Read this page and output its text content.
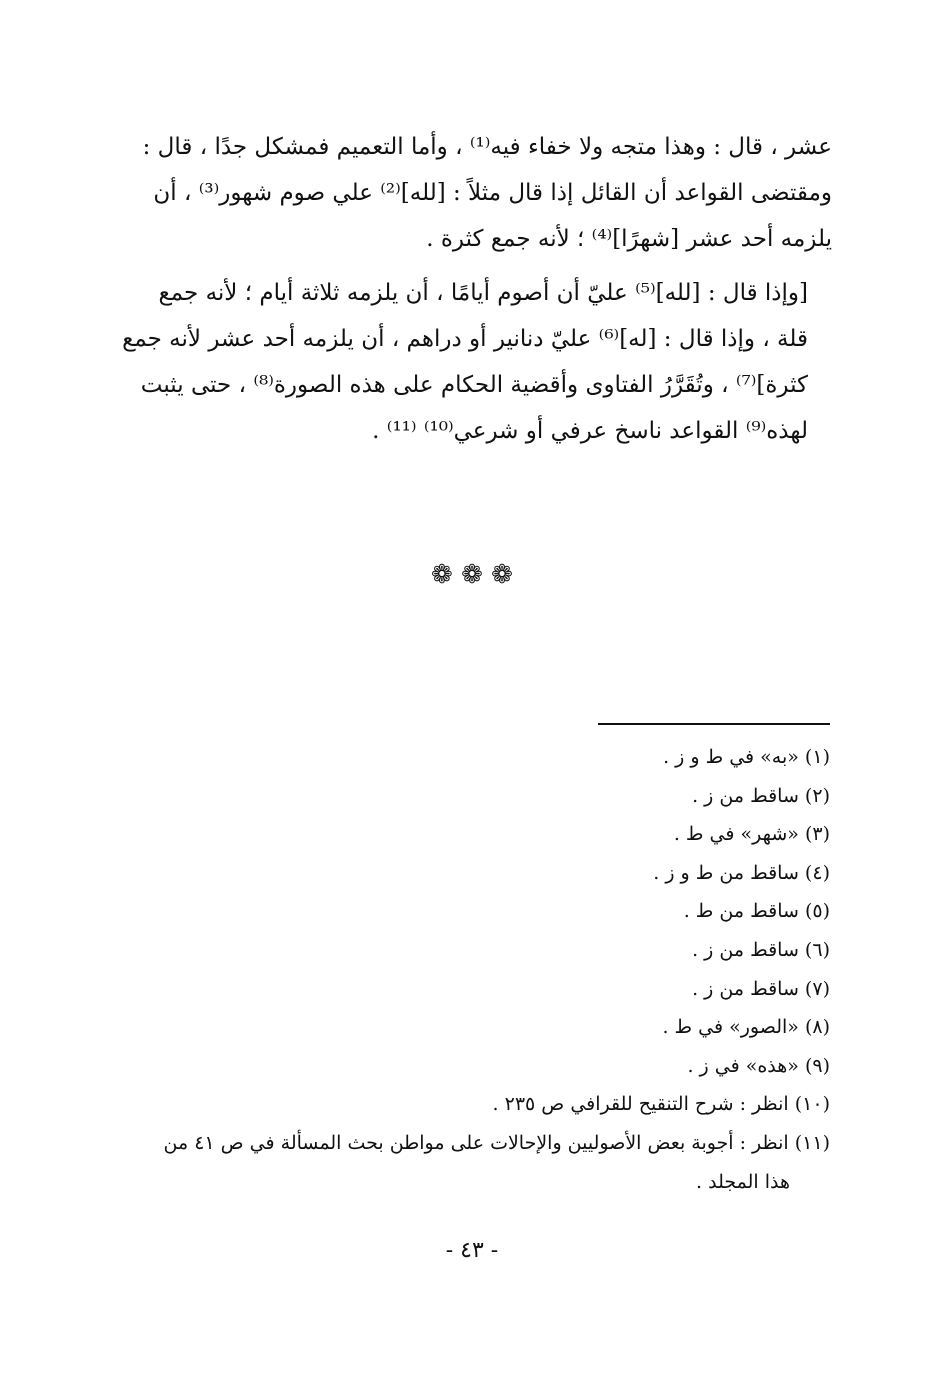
عشر ، قال : وهذا متجه ولا خفاء فيه⁽¹⁾ ، وأما التعميم فمشكل جدًا ، قال :
ومقتضى القواعد أن القائل إذا قال مثلاً : [لله]⁽²⁾ علي صوم شهور⁽³⁾ ، أن
يلزمه أحد عشر [شهرًا]⁽⁴⁾ ؛ لأنه جمع كثرة .

[وإذا قال : [لله]⁽⁵⁾ عليّ أن أصوم أيامًا ، أن يلزمه ثلاثة أيام ؛ لأنه جمع
قلة ، وإذا قال : [له]⁽⁶⁾ عليّ دنانير أو دراهم ، أن يلزمه أحد عشر لأنه جمع
كثرة]⁽⁷⁾ ، وتُقَرَّرُ الفتاوى وأقضية الحكام على هذه الصورة⁽⁸⁾ ، حتى يثبت
لهذه⁽⁹⁾ القواعد ناسخ عرفي أو شرعي⁽¹⁰⁾ ⁽¹¹⁾ .

❁ ❁ ❁
(١) «به» في ط و ز .
(٢) ساقط من ز .
(٣) «شهر» في ط .
(٤) ساقط من ط و ز .
(٥) ساقط من ط .
(٦) ساقط من ز .
(٧) ساقط من ز .
(٨) «الصور» في ط .
(٩) «هذه» في ز .
(١٠) انظر : شرح التنقيح للقرافي ص ٢٣٥ .
(١١) انظر : أجوبة بعض الأصوليين والإحالات على مواطن بحث المسألة في ص ٤١ من
هذا المجلد .
- ٤٣ -
